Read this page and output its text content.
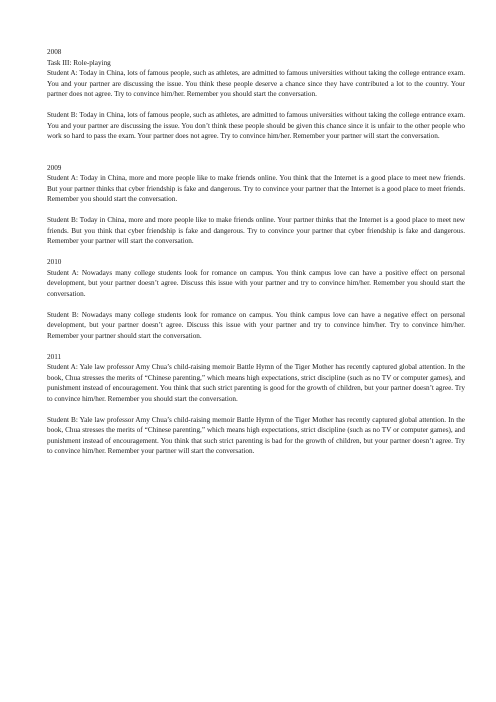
2008
Task III: Role-playing

Student A: Today in China, lots of famous people, such as athletes, are admitted to famous universities without taking the college entrance exam. You and your partner are discussing the issue. You think these people deserve a chance since they have contributed a lot to the country. Your partner does not agree. Try to convince him/her. Remember you should start the conversation.

Student B: Today in China, lots of famous people, such as athletes, are admitted to famous universities without taking the college entrance exam. You and your partner are discussing the issue. You don’t think these people should be given this chance since it is unfair to the other people who work so hard to pass the exam. Your partner does not agree. Try to convince him/her. Remember your partner will start the conversation.

2009

Student A: Today in China, more and more people like to make friends online. You think that the Internet is a good place to meet new friends. But your partner thinks that cyber friendship is fake and dangerous. Try to convince your partner that the Internet is a good place to meet friends. Remember you should start the conversation.

Student B: Today in China, more and more people like to make friends online. Your partner thinks that the Internet is a good place to meet new friends. But you think that cyber friendship is fake and dangerous. Try to convince your partner that cyber friendship is fake and dangerous. Remember your partner will start the conversation.

2010

Student A: Nowadays many college students look for romance on campus. You think campus love can have a positive effect on personal development, but your partner doesn’t agree. Discuss this issue with your partner and try to convince him/her. Remember you should start the conversation.

Student B: Nowadays many college students look for romance on campus. You think campus love can have a negative effect on personal development, but your partner doesn’t agree. Discuss this issue with your partner and try to convince him/her. Try to convince him/her. Remember your partner should start the conversation.

2011

Student A: Yale law professor Amy Chua’s child-raising memoir Battle Hymn of the Tiger Mother has recently captured global attention. In the book, Chua stresses the merits of “Chinese parenting,” which means high expectations, strict discipline (such as no TV or computer games), and punishment instead of encouragement. You think that such strict parenting is good for the growth of children, but your partner doesn’t agree. Try to convince him/her. Remember you should start the conversation.

Student B: Yale law professor Amy Chua’s child-raising memoir Battle Hymn of the Tiger Mother has recently captured global attention. In the book, Chua stresses the merits of “Chinese parenting,” which means high expectations, strict discipline (such as no TV or computer games), and punishment instead of encouragement. You think that such strict parenting is bad for the growth of children, but your partner doesn’t agree. Try to convince him/her. Remember your partner will start the conversation.
